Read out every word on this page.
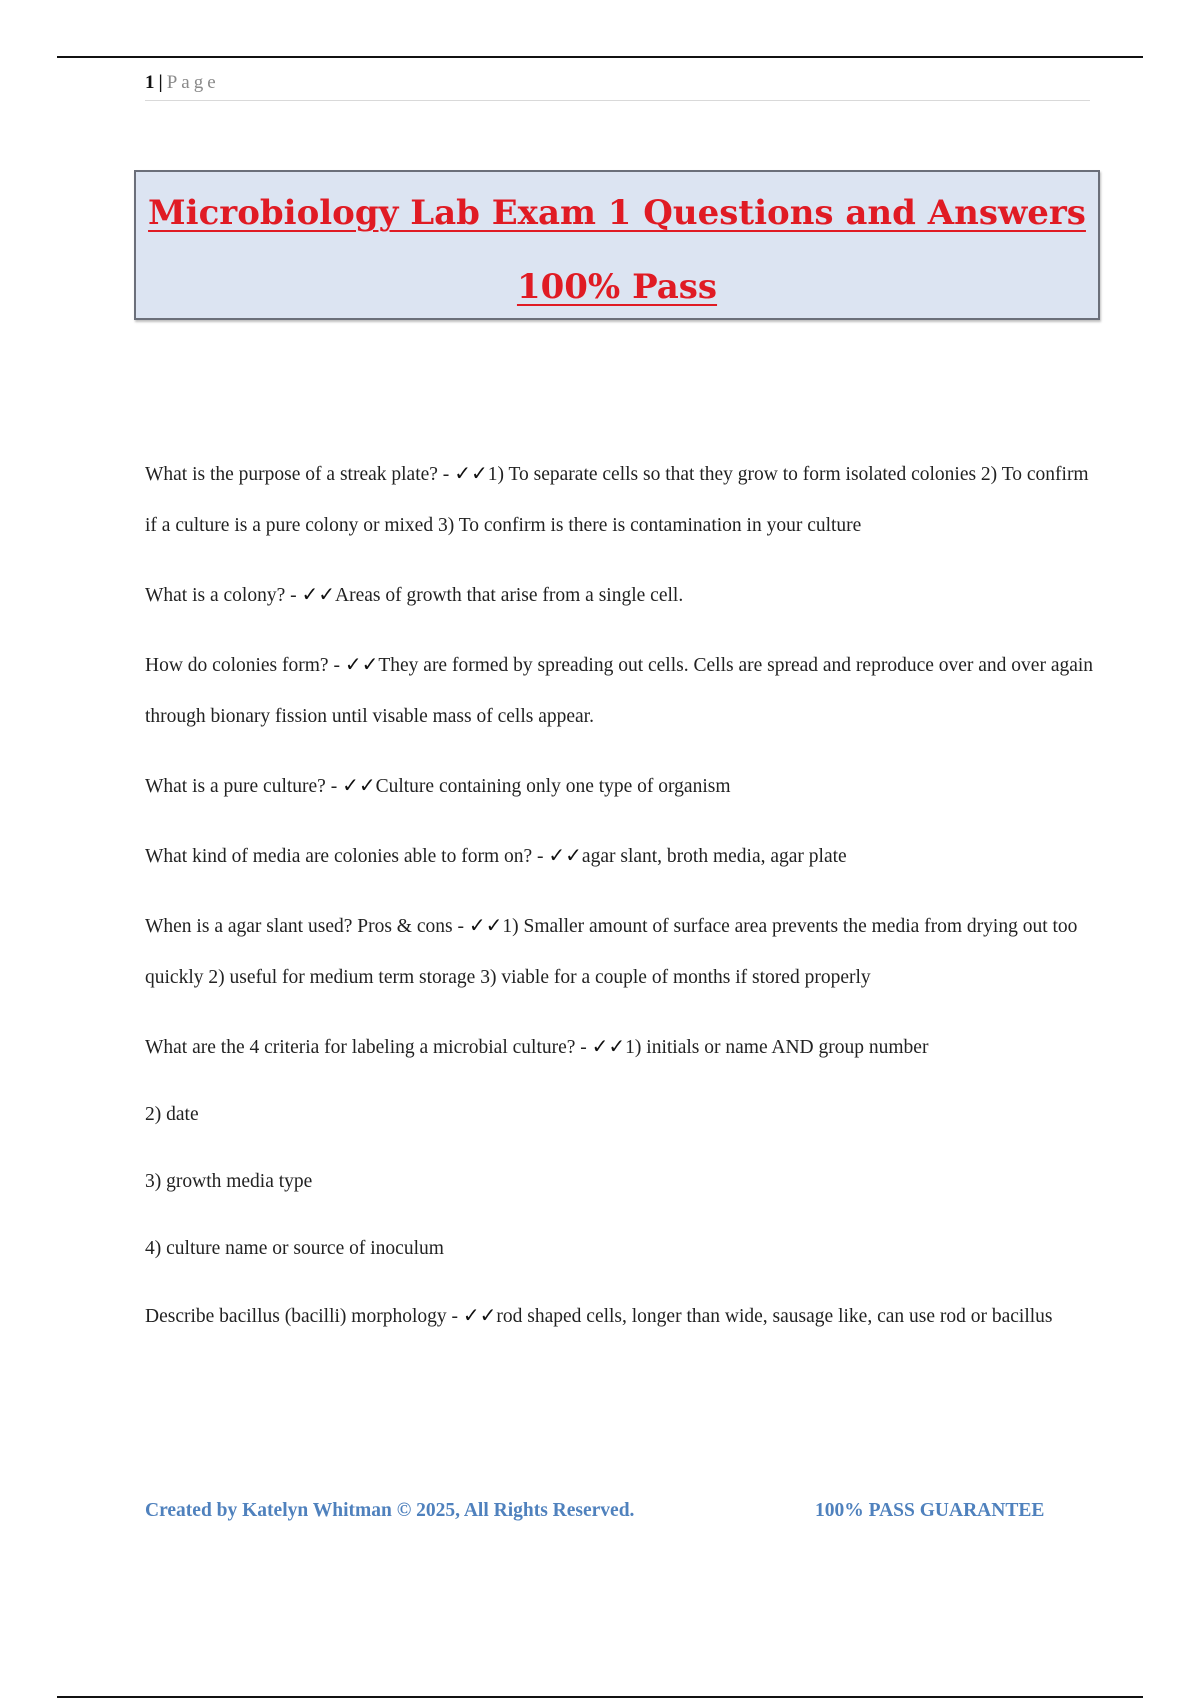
1 | Page

Microbiology Lab Exam 1 Questions and Answers

100% Pass

What is the purpose of a streak plate? - ✓✓1) To separate cells so that they grow to form isolated colonies 2) To confirm if a culture is a pure colony or mixed 3) To confirm is there is contamination in your culture

What is a colony? - ✓✓Areas of growth that arise from a single cell.

How do colonies form? - ✓✓They are formed by spreading out cells. Cells are spread and reproduce over and over again through bionary fission until visable mass of cells appear.

What is a pure culture? - ✓✓Culture containing only one type of organism

What kind of media are colonies able to form on? - ✓✓agar slant, broth media, agar plate

When is a agar slant used? Pros & cons - ✓✓1) Smaller amount of surface area prevents the media from drying out too quickly 2) useful for medium term storage 3) viable for a couple of months if stored properly

What are the 4 criteria for labeling a microbial culture? - ✓✓1) initials or name AND group number

2) date

3) growth media type

4) culture name or source of inoculum

Describe bacillus (bacilli) morphology - ✓✓rod shaped cells, longer than wide, sausage like, can use rod or bacillus

Created by Katelyn Whitman © 2025, All Rights Reserved.	100% PASS GUARANTEE
